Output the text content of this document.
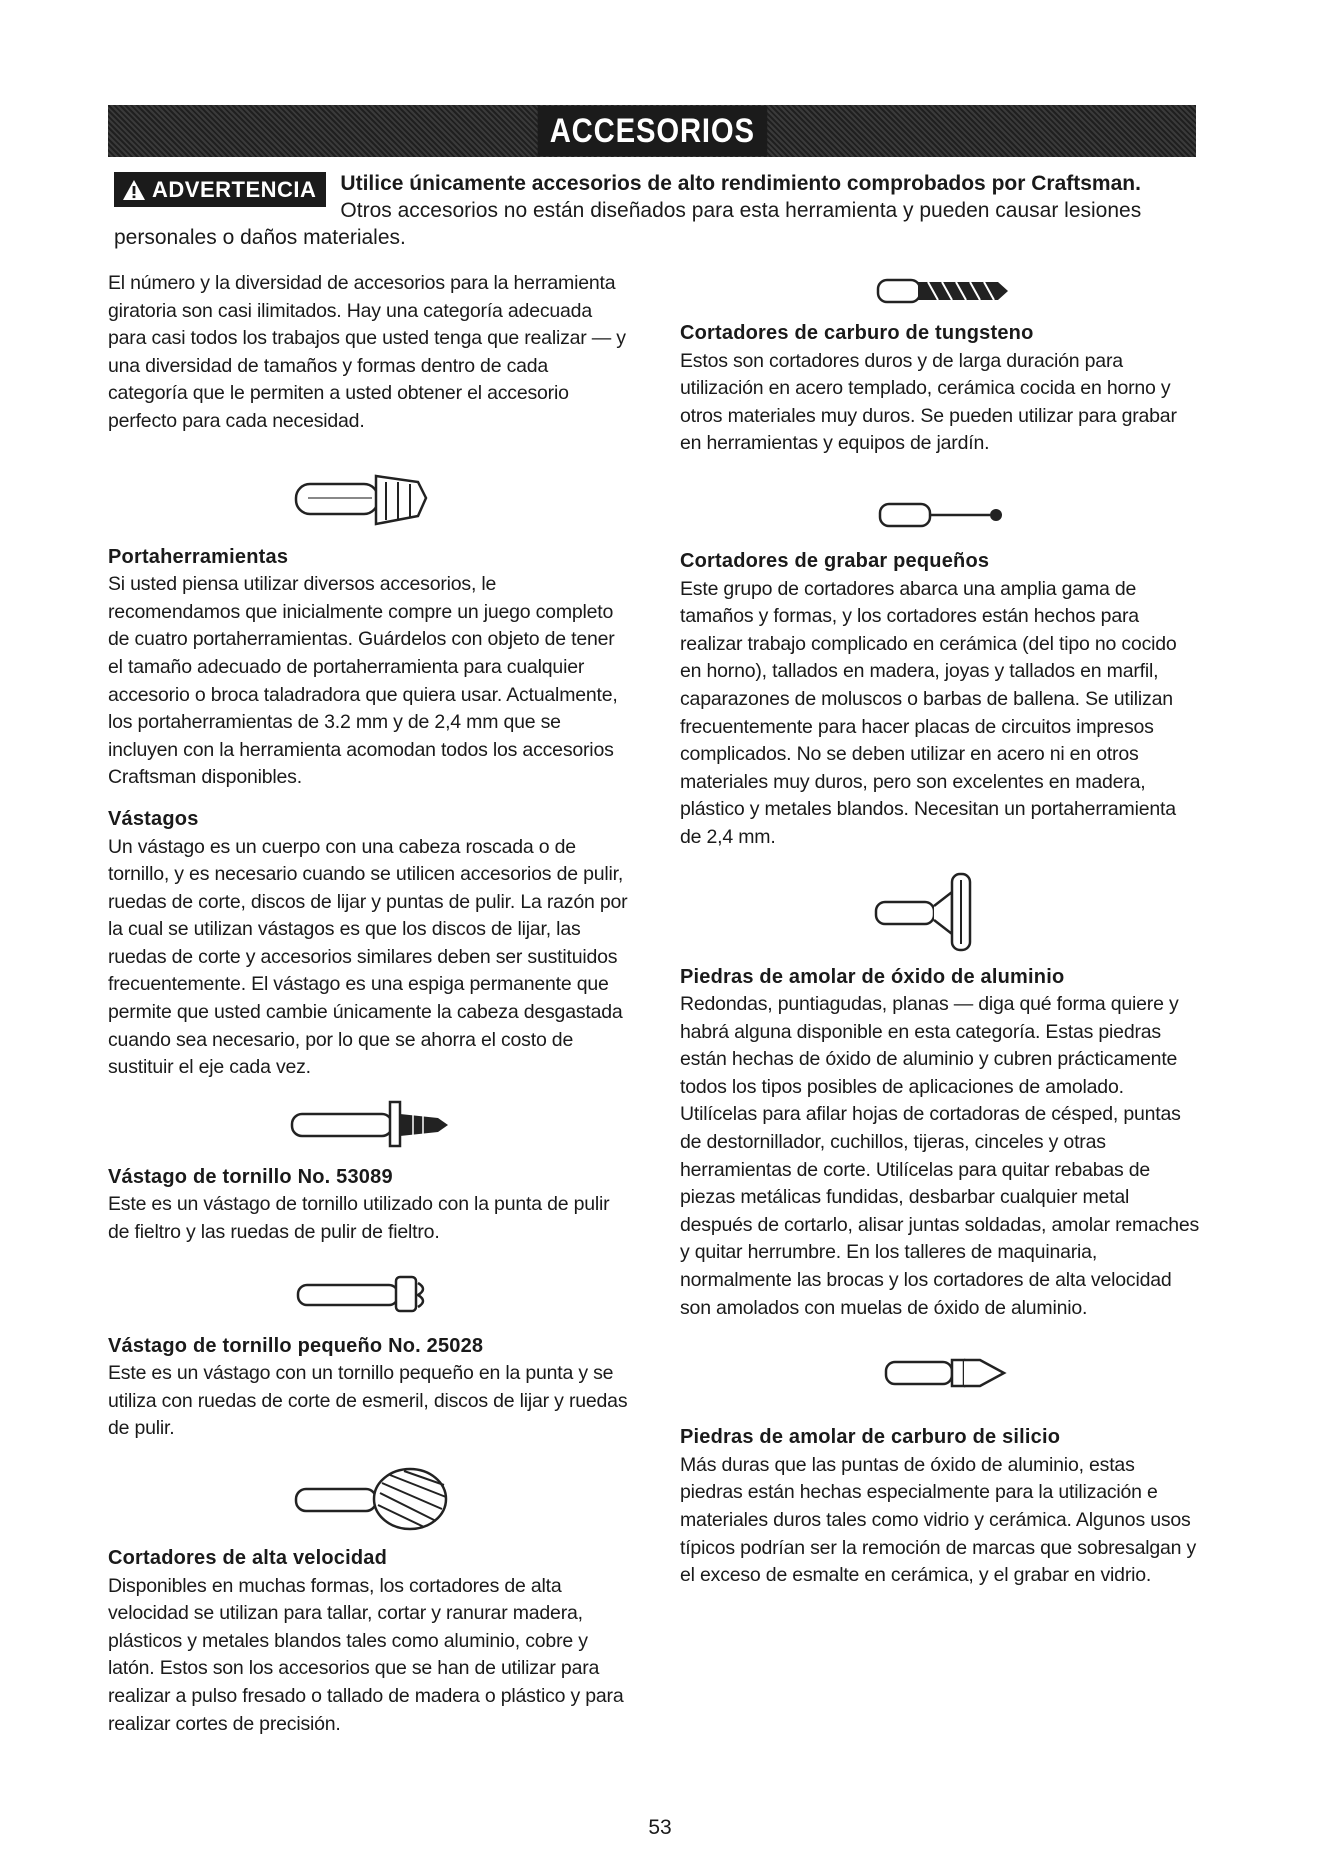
ACCESORIOS
ADVERTENCIA Utilice únicamente accesorios de alto rendimiento comprobados por Craftsman. Otros accesorios no están diseñados para esta herramienta y pueden causar lesiones personales o daños materiales.

El número y la diversidad de accesorios para la herramienta giratoria son casi ilimitados. Hay una categoría adecuada para casi todos los trabajos que usted tenga que realizar — y una diversidad de tamaños y formas dentro de cada categoría que le permiten a usted obtener el accesorio perfecto para cada necesidad.

Portaherramientas

Si usted piensa utilizar diversos accesorios, le recomendamos que inicialmente compre un juego completo de cuatro portaherramientas. Guárdelos con objeto de tener el tamaño adecuado de portaherramienta para cualquier accesorio o broca taladradora que quiera usar. Actualmente, los portaherramientas de 3.2 mm y de 2,4 mm que se incluyen con la herramienta acomodan todos los accesorios Craftsman disponibles.

Vástagos

Un vástago es un cuerpo con una cabeza roscada o de tornillo, y es necesario cuando se utilicen accesorios de pulir, ruedas de corte, discos de lijar y puntas de pulir. La razón por la cual se utilizan vástagos es que los discos de lijar, las ruedas de corte y accesorios similares deben ser sustituidos frecuentemente. El vástago es una espiga permanente que permite que usted cambie únicamente la cabeza desgastada cuando sea necesario, por lo que se ahorra el costo de sustituir el eje cada vez.

Vástago de tornillo No. 53089

Este es un vástago de tornillo utilizado con la punta de pulir de fieltro y las ruedas de pulir de fieltro.

Vástago de tornillo pequeño No. 25028

Este es un vástago con un tornillo pequeño en la punta y se utiliza con ruedas de corte de esmeril, discos de lijar y ruedas de pulir.

Cortadores de alta velocidad

Disponibles en muchas formas, los cortadores de alta velocidad se utilizan para tallar, cortar y ranurar madera, plásticos y metales blandos tales como aluminio, cobre y latón. Estos son los accesorios que se han de utilizar para realizar a pulso fresado o tallado de madera o plástico y para realizar cortes de precisión.

Cortadores de carburo de tungsteno

Estos son cortadores duros y de larga duración para utilización en acero templado, cerámica cocida en horno y otros materiales muy duros. Se pueden utilizar para grabar en herramientas y equipos de jardín.

Cortadores de grabar pequeños

Este grupo de cortadores abarca una amplia gama de tamaños y formas, y los cortadores están hechos para realizar trabajo complicado en cerámica (del tipo no cocido en horno), tallados en madera, joyas y tallados en marfil, caparazones de moluscos o barbas de ballena. Se utilizan frecuentemente para hacer placas de circuitos impresos complicados. No se deben utilizar en acero ni en otros materiales muy duros, pero son excelentes en madera, plástico y metales blandos. Necesitan un portaherramienta de 2,4 mm.

Piedras de amolar de óxido de aluminio

Redondas, puntiagudas, planas — diga qué forma quiere y habrá alguna disponible en esta categoría. Estas piedras están hechas de óxido de aluminio y cubren prácticamente todos los tipos posibles de aplicaciones de amolado. Utilícelas para afilar hojas de cortadoras de césped, puntas de destornillador, cuchillos, tijeras, cinceles y otras herramientas de corte. Utilícelas para quitar rebabas de piezas metálicas fundidas, desbarbar cualquier metal después de cortarlo, alisar juntas soldadas, amolar remaches y quitar herrumbre. En los talleres de maquinaria, normalmente las brocas y los cortadores de alta velocidad son amolados con muelas de óxido de aluminio.

Piedras de amolar de carburo de silicio

Más duras que las puntas de óxido de aluminio, estas piedras están hechas especialmente para la utilización e materiales duros tales como vidrio y cerámica. Algunos usos típicos podrían ser la remoción de marcas que sobresalgan y el exceso de esmalte en cerámica, y el grabar en vidrio.

53
